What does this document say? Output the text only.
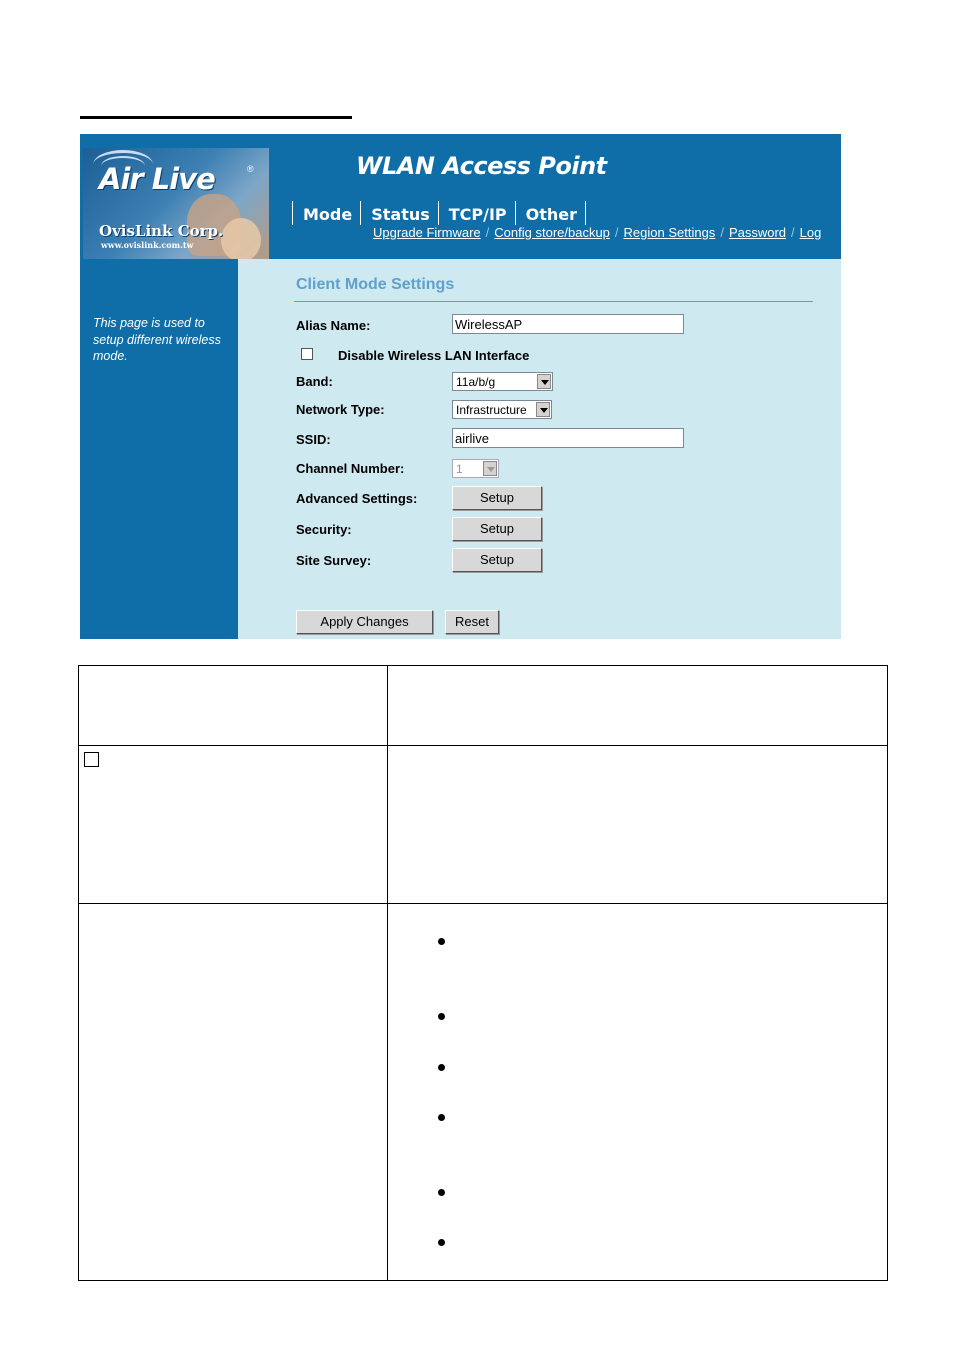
Air Live	®
OvisLink Corp.
www.ovislink.com.tw
WLAN Access Point
Mode	Status	TCP/IP	Other
Upgrade Firmware / Config store/backup / Region Settings / Password / Log
This page is used to setup different wireless mode.
Client Mode Settings
Alias Name:	WirelessAP
Disable Wireless LAN Interface
Band:	11a/b/g
Network Type:	Infrastructure
SSID:	airlive
Channel Number:	1
Advanced Settings:	Setup
Security:	Setup
Site Survey:	Setup
Apply Changes	Reset
